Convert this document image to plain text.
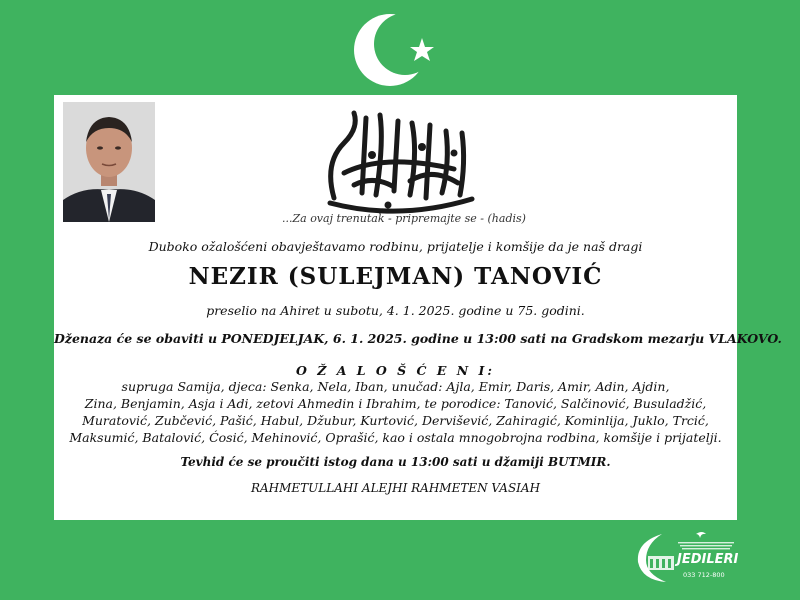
...Za ovaj trenutak - pripremajte se - (hadis)
Duboko ožalošćeni obavještavamo rodbinu, prijatelje i komšije da je naš dragi
NEZIR (SULEJMAN) TANOVIĆ
preselio na Ahiret u subotu, 4. 1. 2025. godine u 75. godini.
Dženaza će se obaviti u PONEDJELJAK, 6. 1. 2025. godine u 13:00 sati na Gradskom mezarju VLAKOVO.
O Ž A L O Š Ć E N I:
supruga Samija, djeca: Senka, Nela, Iban, unučad: Ajla, Emir, Daris, Amir, Adin, Ajdin,
Zina, Benjamin, Asja i Adi, zetovi Ahmedin i Ibrahim, te porodice: Tanović, Salčinović, Busuladžić,
Muratović, Zubčević, Pašić, Habul, Džubur, Kurtović, Dervišević, Zahiragić, Kominlija, Juklo, Trcić,
Maksumić, Batalović, Ćosić, Mehinović, Oprašić, kao i ostala mnogobrojna rodbina, komšije i prijatelji.
Tevhid će se proučiti istog dana u 13:00 sati u džamiji BUTMIR.
RAHMETULLAHI ALEJHI RAHMETEN VASIAH
JEDILERI
033 712-800
